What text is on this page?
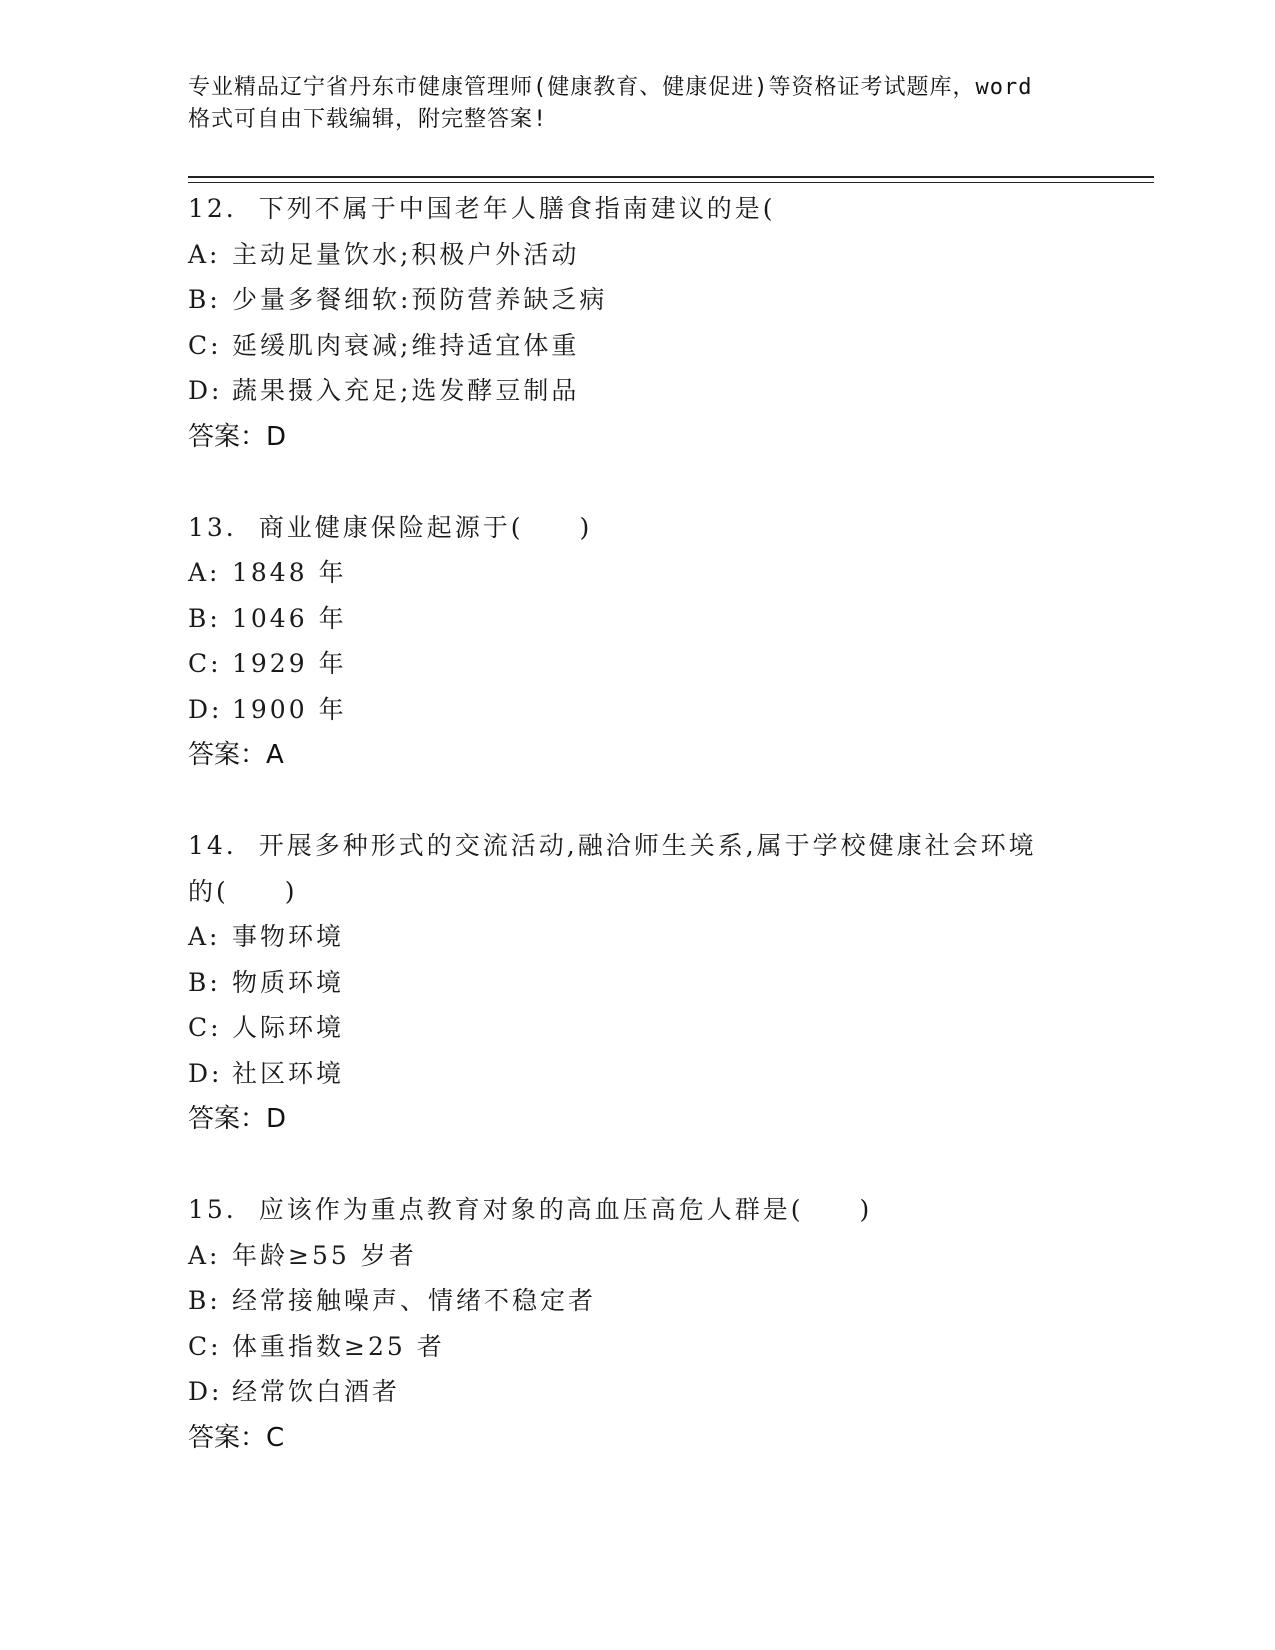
专业精品辽宁省丹东市健康管理师(健康教育、健康促进)等资格证考试题库，word
格式可自由下载编辑，附完整答案!
12. 下列不属于中国老年人膳食指南建议的是(
A: 主动足量饮水;积极户外活动
B: 少量多餐细软:预防营养缺乏病
C: 延缓肌肉衰减;维持适宜体重
D: 蔬果摄入充足;选发酵豆制品
答案：D
13. 商业健康保险起源于(　　)
A: 1848 年
B: 1046 年
C: 1929 年
D: 1900 年
答案：A
14. 开展多种形式的交流活动,融洽师生关系,属于学校健康社会环境
的(　　)
A: 事物环境
B: 物质环境
C: 人际环境
D: 社区环境
答案：D
15. 应该作为重点教育对象的高血压高危人群是(　　)
A: 年龄≥55 岁者
B: 经常接触噪声、情绪不稳定者
C: 体重指数≥25 者
D: 经常饮白酒者
答案：C
